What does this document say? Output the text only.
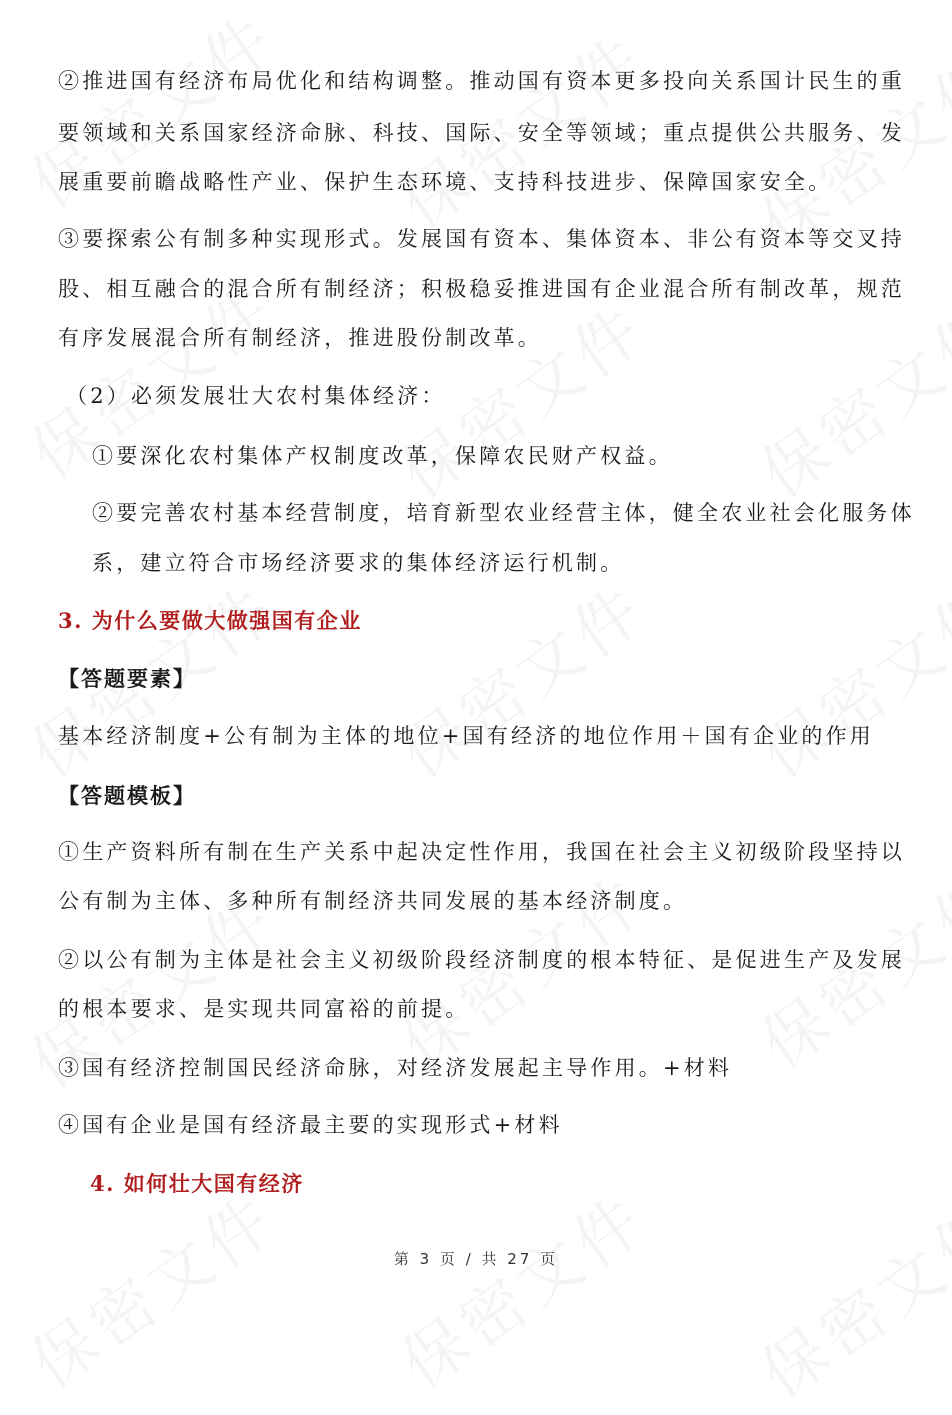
②推进国有经济布局优化和结构调整。推动国有资本更多投向关系国计民生的重
要领域和关系国家经济命脉、科技、国际、安全等领域；重点提供公共服务、发
展重要前瞻战略性产业、保护生态环境、支持科技进步、保障国家安全。
③要探索公有制多种实现形式。发展国有资本、集体资本、非公有资本等交叉持
股、相互融合的混合所有制经济；积极稳妥推进国有企业混合所有制改革，规范
有序发展混合所有制经济，推进股份制改革。
（2）必须发展壮大农村集体经济：
①要深化农村集体产权制度改革，保障农民财产权益。
②要完善农村基本经营制度，培育新型农业经营主体，健全农业社会化服务体
系，建立符合市场经济要求的集体经济运行机制。
3. 为什么要做大做强国有企业
【答题要素】
基本经济制度+公有制为主体的地位+国有经济的地位作用＋国有企业的作用
【答题模板】
①生产资料所有制在生产关系中起决定性作用，我国在社会主义初级阶段坚持以
公有制为主体、多种所有制经济共同发展的基本经济制度。
②以公有制为主体是社会主义初级阶段经济制度的根本特征、是促进生产及发展
的根本要求、是实现共同富裕的前提。
③国有经济控制国民经济命脉，对经济发展起主导作用。+材料
④国有企业是国有经济最主要的实现形式+材料
4. 如何壮大国有经济
第 3 页 / 共 27 页
